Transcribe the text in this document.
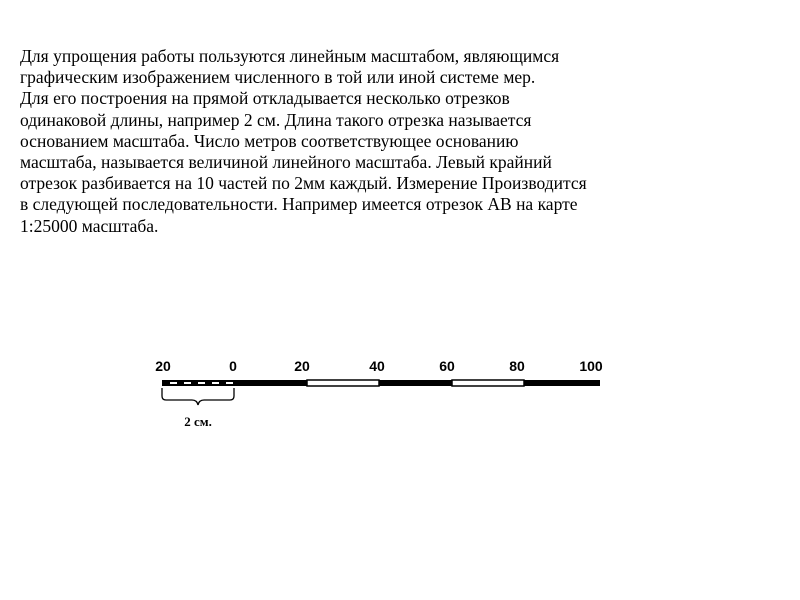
Для упрощения работы пользуются линейным масштабом, являющимся
графическим изображением численного в той или иной системе мер.
Для его построения на прямой откладывается несколько отрезков
одинаковой длины, например 2 см. Длина такого отрезка называется
основанием масштаба. Число метров соответствующее основанию
масштаба, называется величиной линейного масштаба. Левый крайний
отрезок разбивается на 10 частей по 2мм каждый. Измерение Производится
в следующей последовательности. Например имеется отрезок АВ на карте
1:25000 масштаба.
20	0	20	40	60	80	100
2 см.
